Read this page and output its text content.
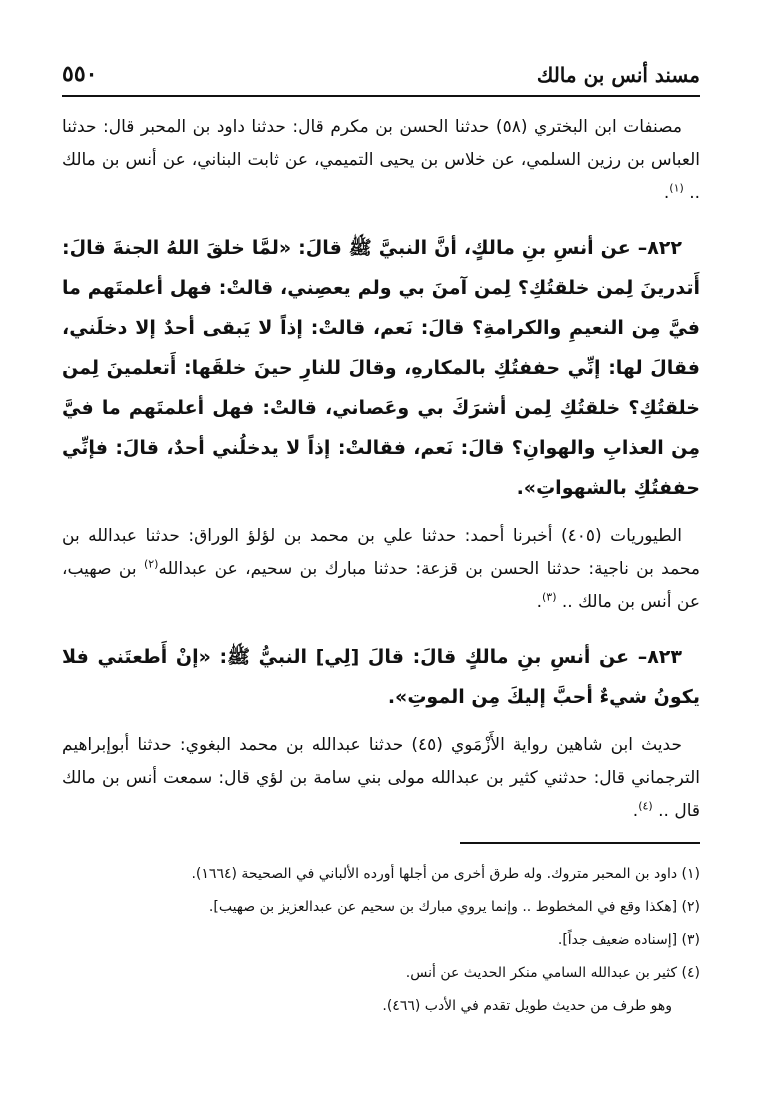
مسند أنس بن مالك
٥٥٠

مصنفات ابن البختري (٥٨) حدثنا الحسن بن مكرم قال: حدثنا داود بن المحبر قال: حدثنا العباس بن رزين السلمي، عن خلاس بن يحيى التميمي، عن ثابت البناني، عن أنس بن مالك .. $^{(١)}$.

٨٢٢– عن أنسِ بنِ مالكٍ، أنَّ النبيَّ ﷺ قالَ: «لمَّا خلقَ اللهُ الجنةَ قالَ: أَتدرينَ لِمن خلقتُكِ؟ لِمن آمنَ بي ولم يعصِني، قالتْ: فهل أعلمتَهم ما فيَّ مِن النعيمِ والكرامةِ؟ قالَ: نَعم، قالتْ: إذاً لا يَبقى أحدٌ إلا دخلَني، فقالَ لها: إنِّي حففتُكِ بالمكارهِ، وقالَ للنارِ حينَ خلقَها: أَتعلمينَ لِمن خلقتُكِ؟ خلقتُكِ لِمن أشرَكَ بي وعَصاني، قالتْ: فهل أعلمتَهم ما فيَّ مِن العذابِ والهوانِ؟ قالَ: نَعم، فقالتْ: إذاً لا يدخلُني أحدٌ، قالَ: فإنِّي حففتُكِ بالشهواتِ».

الطيوريات (٤٠٥) أخبرنا أحمد: حدثنا علي بن محمد بن لؤلؤ الوراق: حدثنا عبدالله بن محمد بن ناجية: حدثنا الحسن بن قزعة: حدثنا مبارك بن سحيم، عن عبدالله$^{(٢)}$ بن صهيب، عن أنس بن مالك .. $^{(٣)}$.

٨٢٣– عن أنسِ بنِ مالكٍ قالَ: قالَ [لِي] النبيُّ ﷺ: «إنْ أَطعتَني فلا يكونُ شيءٌ أحبَّ إليكَ مِن الموتِ».

حديث ابن شاهين رواية الأَزْمَوي (٤٥) حدثنا عبدالله بن محمد البغوي: حدثنا أبوإبراهيم الترجماني قال: حدثني كثير بن عبدالله مولى بني سامة بن لؤي قال: سمعت أنس بن مالك قال .. $^{(٤)}$.

(١) داود بن المحبر متروك. وله طرق أخرى من أجلها أورده الألباني في الصحيحة (١٦٦٤).
(٢) [هكذا وقع في المخطوط .. وإنما يروي مبارك بن سحيم عن عبدالعزيز بن صهيب].
(٣) [إسناده ضعيف جداً].
(٤) كثير بن عبدالله السامي منكر الحديث عن أنس.
وهو طرف من حديث طويل تقدم في الأدب (٤٦٦).
